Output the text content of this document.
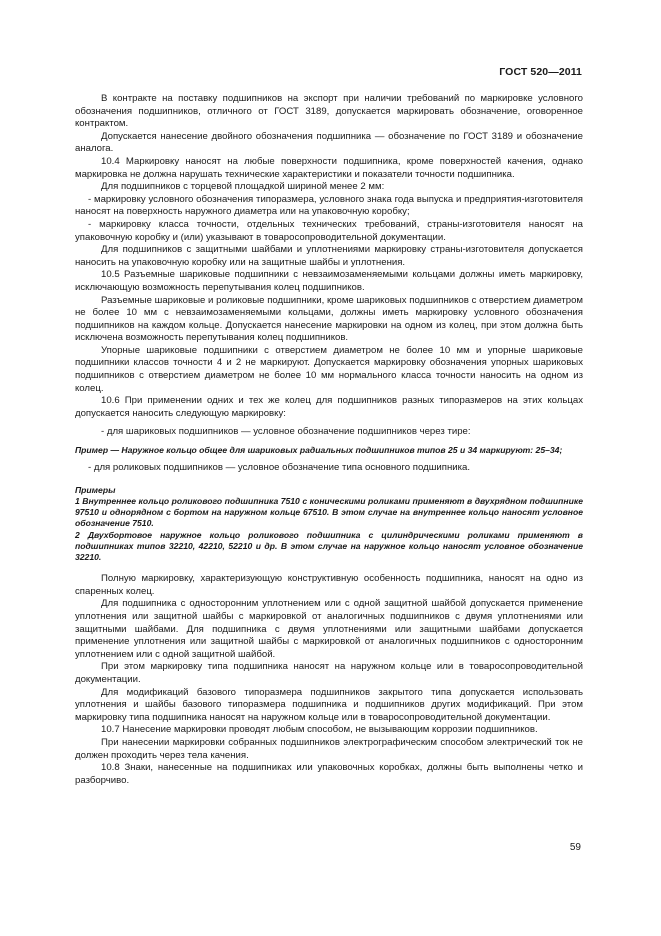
ГОСТ 520—2011

В контракте на поставку подшипников на экспорт при наличии требований по маркировке условного обозначения подшипников, отличного от ГОСТ 3189, допускается маркировать обозначение, оговоренное контрактом.

Допускается нанесение двойного обозначения подшипника — обозначение по ГОСТ 3189 и обозначение аналога.

10.4 Маркировку наносят на любые поверхности подшипника, кроме поверхностей качения, однако маркировка не должна нарушать технические характеристики и показатели точности подшипника.

Для подшипников с торцевой площадкой шириной менее 2 мм:

- маркировку условного обозначения типоразмера, условного знака года выпуска и предприятия-изготовителя наносят на поверхность наружного диаметра или на упаковочную коробку;

- маркировку класса точности, отдельных технических требований, страны-изготовителя наносят на упаковочную коробку и (или) указывают в товаросопроводительной документации.

Для подшипников с защитными шайбами и уплотнениями маркировку страны-изготовителя допускается наносить на упаковочную коробку или на защитные шайбы и уплотнения.

10.5 Разъемные шариковые подшипники с невзаимозаменяемыми кольцами должны иметь маркировку, исключающую возможность перепутывания колец подшипников.

Разъемные шариковые и роликовые подшипники, кроме шариковых подшипников с отверстием диаметром не более 10 мм с невзаимозаменяемыми кольцами, должны иметь маркировку условного обозначения подшипников на каждом кольце. Допускается нанесение маркировки на одном из колец, при этом должна быть исключена возможность перепутывания колец подшипников.

Упорные шариковые подшипники с отверстием диаметром не более 10 мм и упорные шариковые подшипники классов точности 4 и 2 не маркируют. Допускается маркировку обозначения упорных шариковых подшипников с отверстием диаметром не более 10 мм нормального класса точности наносить на одном из колец.

10.6 При применении одних и тех же колец для подшипников разных типоразмеров на этих кольцах допускается наносить следующую маркировку:

- для шариковых подшипников — условное обозначение подшипников через тире:

Пример — Наружное кольцо общее для шариковых радиальных подшипников типов 25 и 34 маркируют: 25–34;

- для роликовых подшипников — условное обозначение типа основного подшипника.

Примеры

1 Внутреннее кольцо роликового подшипника 7510 с коническими роликами применяют в двухрядном подшипнике 97510 и однорядном с бортом на наружном кольце 67510. В этом случае на внутреннее кольцо наносят условное обозначение 7510.

2 Двухбортовое наружное кольцо роликового подшипника с цилиндрическими роликами применяют в подшипниках типов 32210, 42210, 52210 и др. В этом случае на наружное кольцо наносят условное обозначение 32210.

Полную маркировку, характеризующую конструктивную особенность подшипника, наносят на одно из спаренных колец.

Для подшипника с односторонним уплотнением или с одной защитной шайбой допускается применение уплотнения или защитной шайбы с маркировкой от аналогичных подшипников с двумя уплотнениями или защитными шайбами. Для подшипника с двумя уплотнениями или защитными шайбами допускается применение уплотнения или защитной шайбы с маркировкой от аналогичных подшипников с односторонним уплотнением или с одной защитной шайбой.

При этом маркировку типа подшипника наносят на наружном кольце или в товаросопроводительной документации.

Для модификаций базового типоразмера подшипников закрытого типа допускается использовать уплотнения и шайбы базового типоразмера подшипника и подшипников других модификаций. При этом маркировку типа подшипника наносят на наружном кольце или в товаросопроводительной документации.

10.7 Нанесение маркировки проводят любым способом, не вызывающим коррозии подшипников.

При нанесении маркировки собранных подшипников электрографическим способом электрический ток не должен проходить через тела качения.

10.8 Знаки, нанесенные на подшипниках или упаковочных коробках, должны быть выполнены четко и разборчиво.

59
